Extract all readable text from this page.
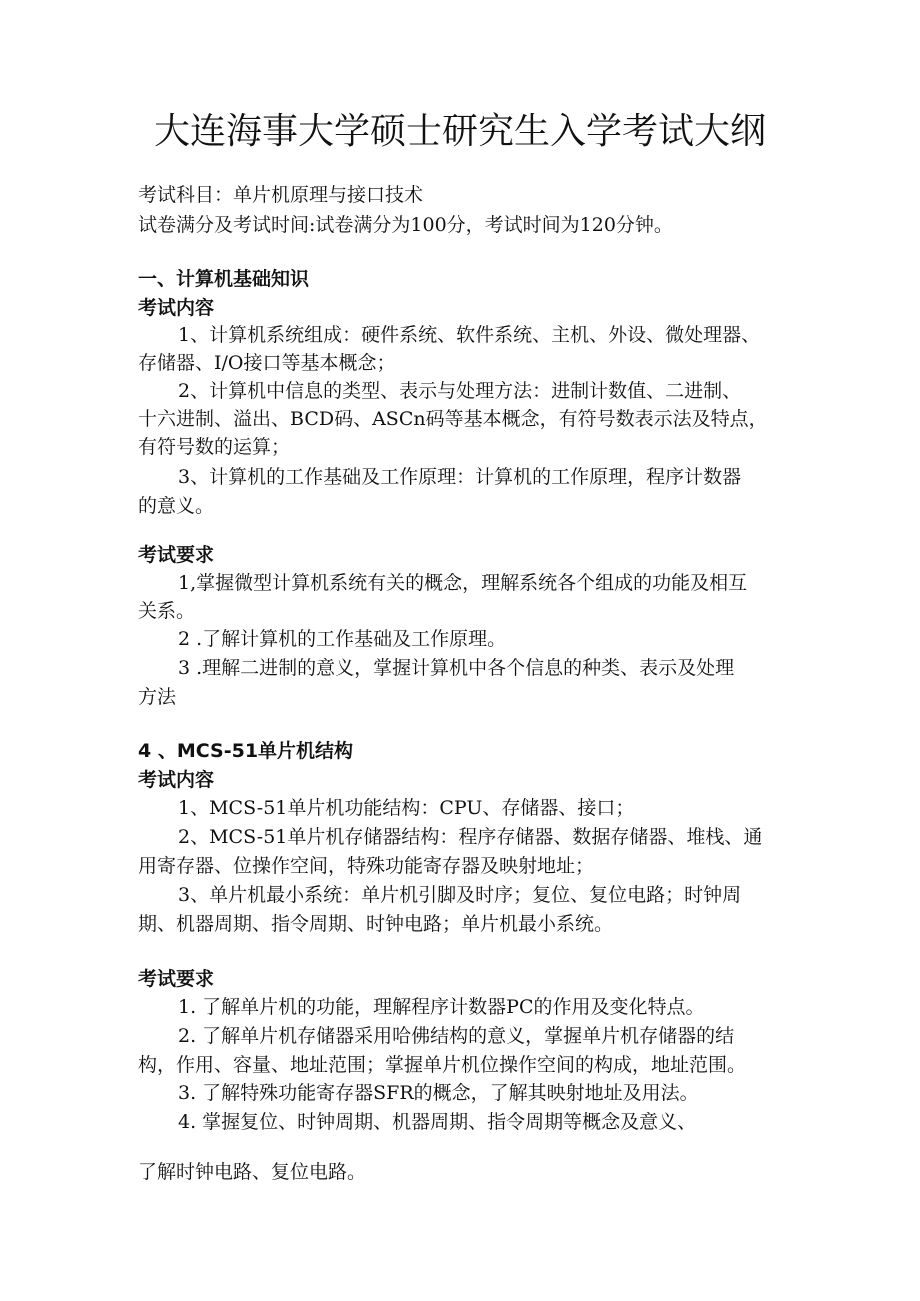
大连海事大学硕士研究生入学考试大纲
考试科目：单片机原理与接口技术
试卷满分及考试时间:试卷满分为100分，考试时间为120分钟。
一、计算机基础知识
考试内容
1、计算机系统组成：硬件系统、软件系统、主机、外设、微处理器、
存储器、I/O接口等基本概念；
2、计算机中信息的类型、表示与处理方法：进制计数值、二进制、
十六进制、溢出、BCD码、ASCn码等基本概念，有符号数表示法及特点，
有符号数的运算；
3、计算机的工作基础及工作原理：计算机的工作原理，程序计数器
的意义。
考试要求
1,掌握微型计算机系统有关的概念，理解系统各个组成的功能及相互
关系。
2 .了解计算机的工作基础及工作原理。
3 .理解二进制的意义，掌握计算机中各个信息的种类、表示及处理
方法
4 、MCS-51单片机结构
考试内容
1、MCS-51单片机功能结构：CPU、存储器、接口；
2、MCS-51单片机存储器结构：程序存储器、数据存储器、堆栈、通
用寄存器、位操作空间，特殊功能寄存器及映射地址；
3、单片机最小系统：单片机引脚及时序；复位、复位电路；时钟周
期、机器周期、指令周期、时钟电路；单片机最小系统。
考试要求
1. 了解单片机的功能，理解程序计数器PC的作用及变化特点。
2. 了解单片机存储器采用哈佛结构的意义，掌握单片机存储器的结
构，作用、容量、地址范围；掌握单片机位操作空间的构成，地址范围。
3. 了解特殊功能寄存器SFR的概念，了解其映射地址及用法。
4. 掌握复位、时钟周期、机器周期、指令周期等概念及意义、
了解时钟电路、复位电路。
